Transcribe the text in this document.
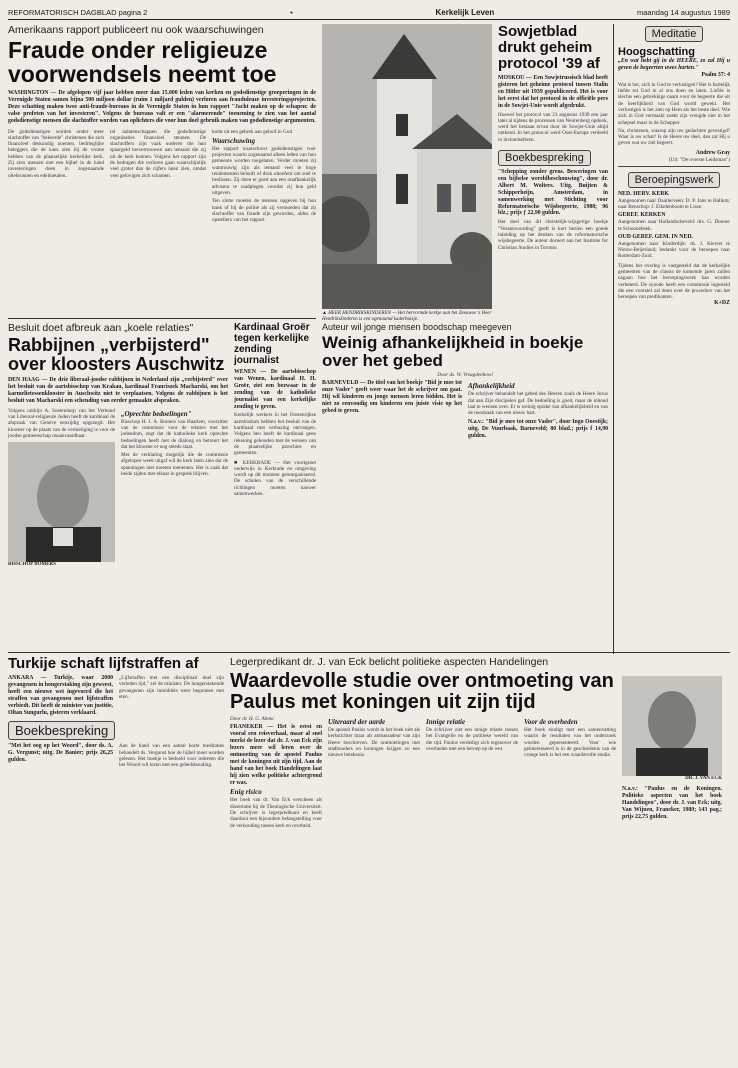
REFORMATORISCH DAGBLAD pagina 2	•	Kerkelijk Leven	maandag 14 augustus 1989
Amerikaans rapport publiceert nu ook waarschuwingen
Fraude onder religieuze voorwendsels neemt toe
WASHINGTON — De afgelopen vijf jaar hebben meer dan 15.000 leden van kerken en godsdienstige groeperingen in de Verenigde Staten samen bijna 500 miljoen dollar (ruim 1 miljard gulden) verloren aan frauduleuze investeringsprojecten. Deze schatting maken twee anti-fraude-bureaus in de Verenigde Staten in hun rapport "Jacht maken op de schapen: de valse profeten van het investeren". Volgens de bureaus valt er een "alarmerende" toeneming te zien van het aantal godsdienstige mensen die slachtoffer worden van oplichters die voor hun doel gebruik maken van godsdienstige argumenten.
De godsdienstigen worden onder meer slachtoffer van "bekeerde" christenen die zich financieel deskundig noemen, bedrieglijke beleggers die de kans zien bij de vrome hebben van de plaatselijke kerkelijke kerk. Zij zien mensen met een bijbel in de hand investeringen doen in zogenaamde oliebronnen en edelmetalen.
tal nalatenschappen die godsdienstige organisaties financieel steunen. De slachtoffers zijn vaak ouderen die hun spaargeld toevertrouwen aan iemand die zij uit de kerk kennen. Volgens het rapport zijn de bedragen die verloren gaan waarschijnlijk veel groter dan de cijfers laten zien, omdat veel gelovigen zich schamen.
komt uit een gebrek aan geloof in God.
Waarschuwing
Het rapport waarschuwt godsdienstigen voor projecten waarin zogenaamd alleen leden van hun gemeente worden toegelaten. Verder moeten zij wantrouwig zijn als iemand veel te hoge rendementen belooft of druk uitoefent om snel te beslissen. Zij doen er goed aan een onafhankelijk adviseur te raadplegen voordat zij hun geld uitgeven.
Ten slotte moeten de mensen opgeven bij hun bank of bij de politie als zij vermoeden dat zij slachtoffer van fraude zijn geworden, aldus de opstellers van het rapport.
▲ HEER HENDRIKSKINDEREN — Het hervormde kerkje aan het Zeeuwse 's Heer Hendrikskinderen is een ogenaamd kaderhuisje.
Sowjetblad drukt geheim protocol '39 af
MOSKOU — Een Sowjetrussisch blad heeft gisteren het geheime protocol tussen Stalin en Hitler uit 1939 gepubliceerd. Het is voor het eerst dat het protocol in de officiële pers in de Sowjet-Unie wordt afgedrukt.
Hoewel het protocol van 23 augustus 1939 een jaar later al tijdens de processen van Neurenberg opdook, werd het bestaan ervan door de Sowjet-Unie altijd ontkend. In het protocol werd Oost-Europa verdeeld in invloedssferen.
Boekbespreking
"Schepping zonder grens. Beweringen van een bijbelse wereldbeschouwing", door dr. Albert M. Wolters. Uitg. Buijten & Schipperheijn, Amsterdam, in samenwerking met Stichting voor Reformatorische Wijsbegeerte, 1988; 96 blz.; prijs ƒ 22,90 gulden.
Het doel van dit christelijk-wijsgerige boekje "Verantwoording" geeft is kort bezien een goede inleiding op het denken van de reformatorische wijsbegeerte. De auteur doceert aan het Institute for Christian Studies in Toronto.
Meditatie
Hoogschatting
„En wat hebt gij in de HEERE, zo zal Hij u geven de begeerten uwes harten."
Psalm 37: 4
Wat is het, zich in God te verlustigen? Het is hartelijk liefde tot God in al ons doen en laten. Liefde is slechts een gebrekkige naam voor de begeerte die uit de heerlijkheid van God wordt gewekt. Het verlustigen is het zien op Hem als het beste deel. Wie zich in God vermaakt zoekt zijn vreugde niet in het schepsel maar in de Schepper.
Na, christenen, waarop zijn uw gedachten gevestigd? Waar is uw schat? Is de Heere uw deel, dan zal Hij u geven wat uw ziel begeert.
Andrew Gray
(Uit: "De overste Leidsman")
Beroepingswerk
NED. HERV. KERK
Aangenomen naar Daarlerveen: D. P. Jans te Hallum; naar Benschop: J. Eikelenboom te Lisse.
GEREF. KERKEN
Aangenomen naar Hollandscheveld: drs. G. Donner te Schoonebeek.
OUD GEREF. GEM. IN NED.
Aangenomen naar Kinderdijk: ds. J. Kieviet te Nieuw-Beijerland; bedankt voor de beroepen naar Rotterdam-Zuid.
Tijdens het overleg is vastgesteld dat de kerkelijke gemeenten van de classis de komende jaren zullen nagaan hoe het beroepingswerk kan worden verbeterd. De synode heeft een commissie ingesteld die een voorstel zal doen over de procedure van het beroepen van predikanten.
K+DZ
Besluit doet afbreuk aan „koele relaties"
Rabbijnen „verbijsterd" over kloosters Auschwitz
DEN HAAG — De drie liberaal-joodse rabbijnen in Nederland zijn „verbijsterd" over het besluit van de aartsbisschop van Krakau, kardinaal Franciszek Macharski, om het karmelietessenklooster in Auschwitz niet te verplaatsen. Volgens de rabbijnen is het besluit van Macharski een schending van eerder gemaakte afspraken.
Volgens rabbijn A. Soetendorp van het Verbond van Liberaal-religieuze Joden heeft de kardinaal de afspraak van Genève eenzijdig opgezegd. Het klooster op de plaats van de vernietiging is voor de joodse gemeenschap onaanvaardbaar.
BISSCHOP BOMERS
„Oprechte bedoelingen"
Bisschop H. J. A. Bomers van Haarlem, voorzitter van de commissie voor de relaties met het jodendom, zegt dat de katholieke kerk oprechte bedoelingen heeft met de dialoog en betreurt het dat het klooster er nog steeds staat.
Met de verklaring mogelijk die de commissie afgelopen week uitgaf wil de kerk laten zien dat de spanningen niet moeten toenemen. Het is zaak dat beide zijden met elkaar in gesprek blijven.
Kardinaal Groër tegen kerkelijke zending journalist
WENEN — De aartsbisschop van Wenen, kardinaal H. H. Groër, ziet een bezwaar in de zending van de katholieke journalist van een kerkelijke zending te geven.
Kerkelijk werkers in het Oostenrijkse aartsbisdom hebben het besluit van de kardinaal met verbazing ontvangen. Volgens hen heeft de kardinaal geen rekening gehouden met de wensen van de plaatselijke parochies en gemeenten.
■ KERKRADE — Het voortgezet onderwijs in Kerkrade en omgeving wordt op dit moment gereorganiseerd. De scholen van de verschillende richtingen moeten nauwer samenwerken.
Auteur wil jonge mensen boodschap meegeven
Weinig afhankelijkheid in boekje over het gebed
Door ds. W. Vreugdenhowl
BARNEVELD — De titel van het boekje "Bid je mee tot onze Vader" geeft weer waar het de schrijver om gaat. Hij wil kinderen en jonge mensen leren bidden. Het is niet zo eenvoudig om kinderen een juiste visie op het gebed te geven.
Afhankelijkheid
De schrijver behandelt het gebed des Heeren zoals de Heere Jezus dat aan Zijn discipelen gaf. De bedoeling is goed, maar de inhoud laat te wensen over. Er is weinig sprake van afhankelijkheid en van de noodzaak van een nieuw hart.
N.a.v.: "Bid je mee tot onze Vader", door Ingo Ooestijk; uitg. De Vuurbaak, Barneveld; 80 blad.; prijs f 14,90 gulden.
Turkije schaft lijfstraffen af
ANKARA — Turkije, waar 2000 gevangenen in hongerstaking zijn geweest, heeft een nieuwe wet ingevoerd die het straffen van gevangenen met lijfstraffen verbiedt. Dit heeft de minister van justitie, Oltan Sungurlu, gisteren verklaard.
„Lijfstraffen met een disciplinair doel zijn verleden tijd," zei de minister. De hongerstakende gevangenen zijn inmiddels weer begonnen met eten.
Boekbespreking
"Met het oog op het Woord", door ds. A. G. Vergunst; uitg. De Banier; prijs 26,25 gulden.
Aan de hand van een aantal korte meditaties behandelt ds. Vergunst hoe de bijbel moet worden gelezen. Het boekje is bedoeld voor iedereen die het Woord wil lezen met een gebedshouding.
Legerpredikant dr. J. van Eck belicht politieke aspecten Handelingen
Waardevolle studie over ontmoeting van Paulus met koningen uit zijn tijd
Door dr. H. G. Abma
FRANEKER — Het is eerst en vooral een reisverhaal, maar al snel merkt de lezer dat dr. J. van Eck zijn lezers meer wil leren over de ontmoeting van de apostel Paulus met de koningen uit zijn tijd. Aan de hand van het boek Handelingen laat hij zien welke politieke achtergrond er was.
Enig risico
Het boek van dr. Van Eck verscheen als dissertatie bij de Theologische Universiteit. De schrijver is legerpredikant en heeft daardoor een bijzondere belangstelling voor de verhouding tussen kerk en overheid.
Uiteraard der aarde
De apostel Paulus wordt in het boek niet als kerkstichter maar als ambassadeur van zijn Heere beschreven. De ontmoetingen met stadhouders en koningen krijgen zo een nieuwe betekenis.
Innige relatie
De schrijver ziet een innige relatie tussen het Evangelie en de politieke wereld van die tijd. Paulus verdedigt zich tegenover de overheden met een beroep op de wet.
Voor de overheden
Het boek eindigt met een samenvatting waarin de resultaten van het onderzoek worden gepresenteerd. Voor wie geïnteresseerd is in de geschiedenis van de vroege kerk is het een waardevolle studie.
DR. J. VAN ECK
N.a.v.: "Paulus en de Koningen. Politieke aspecten van het boek Handelingen", door dr. J. van Eck; uitg. Van Wijnen, Franeker, 1989; 143 pag.; prijs 22,75 gulden.
